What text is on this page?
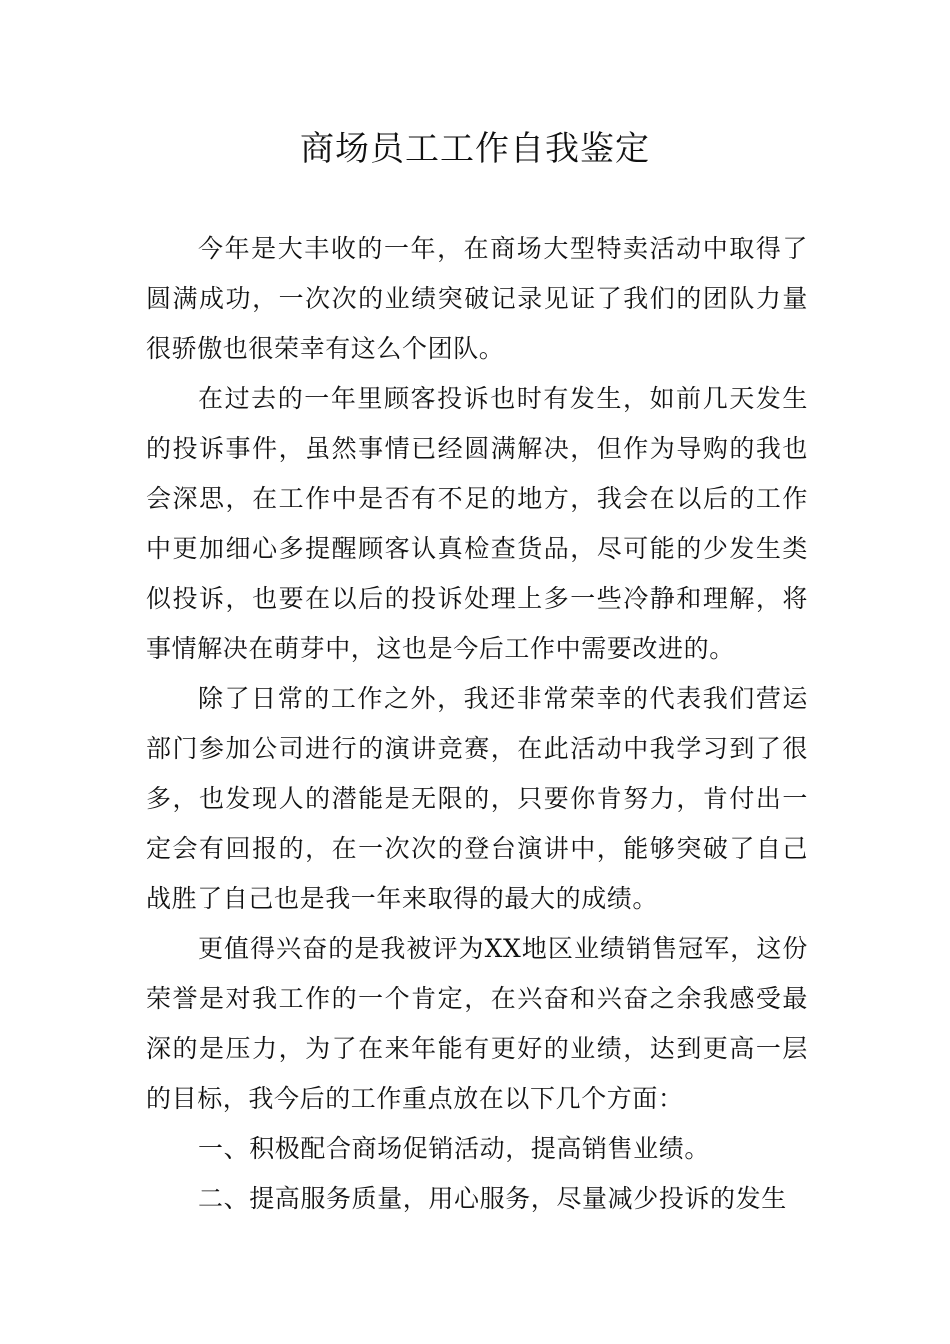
商场员工工作自我鉴定

今年是大丰收的一年，在商场大型特卖活动中取得了圆满成功，一次次的业绩突破记录见证了我们的团队力量很骄傲也很荣幸有这么个团队。

在过去的一年里顾客投诉也时有发生，如前几天发生的投诉事件，虽然事情已经圆满解决，但作为导购的我也会深思，在工作中是否有不足的地方，我会在以后的工作中更加细心多提醒顾客认真检查货品，尽可能的少发生类似投诉，也要在以后的投诉处理上多一些冷静和理解，将事情解决在萌芽中，这也是今后工作中需要改进的。

除了日常的工作之外，我还非常荣幸的代表我们营运部门参加公司进行的演讲竞赛，在此活动中我学习到了很多，也发现人的潜能是无限的，只要你肯努力，肯付出一定会有回报的，在一次次的登台演讲中，能够突破了自己战胜了自己也是我一年来取得的最大的成绩。

更值得兴奋的是我被评为XX地区业绩销售冠军，这份荣誉是对我工作的一个肯定，在兴奋和兴奋之余我感受最深的是压力，为了在来年能有更好的业绩，达到更高一层的目标，我今后的工作重点放在以下几个方面：

一、积极配合商场促销活动，提高销售业绩。

二、提高服务质量，用心服务，尽量减少投诉的发生
